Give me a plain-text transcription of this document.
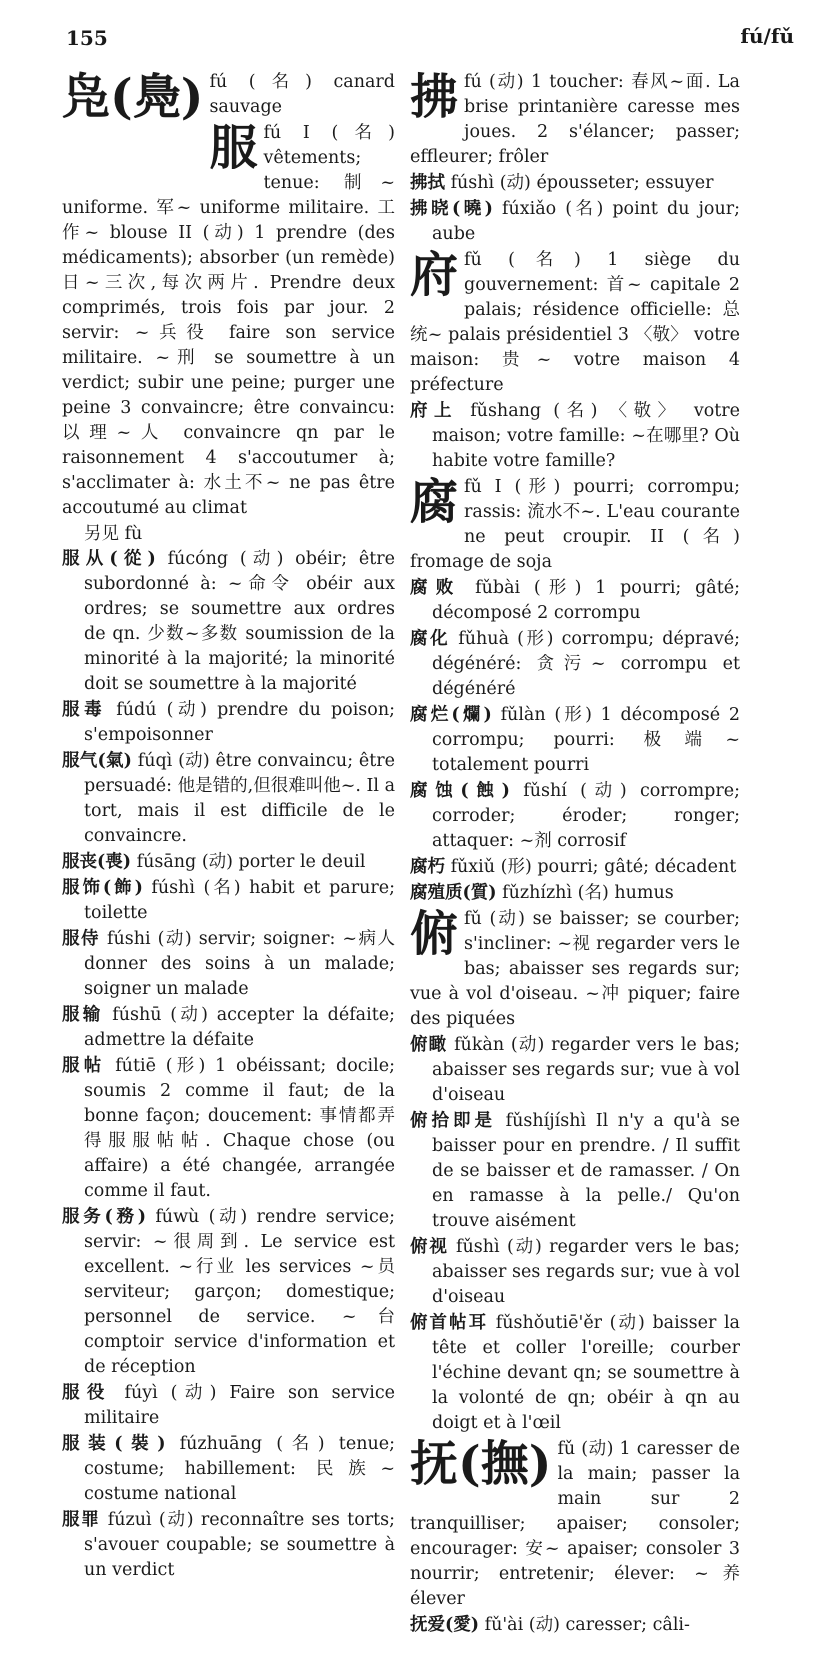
155	fú/fǔ
凫(鳧) fú (名) canard sauvage
服 fú I (名) vêtements; tenue: 制~ uniforme. 军~ uniforme militaire. 工作~ blouse II (动) 1 prendre (des médicaments); absorber (un remède) 日~三次,每次两片. Prendre deux comprimés, trois fois par jour. 2 servir: ~兵役 faire son service militaire. ~刑 se soumettre à un verdict; subir une peine; purger une peine 3 convaincre; être convaincu: 以理~人 convaincre qn par le raisonnement 4 s'accoutumer à; s'acclimater à: 水土不~ ne pas être accoutumé au climat
另见 fù
服从(從) fúcóng (动) obéir; être subordonné à: ~命令 obéir aux ordres; se soumettre aux ordres de qn. 少数~多数 soumission de la minorité à la majorité; la minorité doit se soumettre à la majorité
服毒 fúdú (动) prendre du poison; s'empoisonner
服气(氣) fúqì (动) être convaincu; être persuadé: 他是错的,但很难叫他~. Il a tort, mais il est difficile de le convaincre.
服丧(喪) fúsāng (动) porter le deuil
服饰(飾) fúshì (名) habit et parure; toilette
服侍 fúshi (动) servir; soigner: ~病人 donner des soins à un malade; soigner un malade
服输 fúshū (动) accepter la défaite; admettre la défaite
服帖 fútiē (形) 1 obéissant; docile; soumis 2 comme il faut; de la bonne façon; doucement: 事情都弄得服服帖帖. Chaque chose (ou affaire) a été changée, arrangée comme il faut.
服务(務) fúwù (动) rendre service; servir: ~很周到. Le service est excellent. ~行业 les services ~员 serviteur; garçon; domestique; personnel de service. ~台 comptoir service d'information et de réception
服役 fúyì (动) Faire son service militaire
服装(裝) fúzhuāng (名) tenue; costume; habillement: 民族~ costume national
服罪 fúzuì (动) reconnaître ses torts; s'avouer coupable; se soumettre à un verdict
拂 fú (动) 1 toucher: 春风~面. La brise printanière caresse mes joues. 2 s'élancer; passer; effleurer; frôler
拂拭 fúshì (动) épousseter; essuyer
拂晓(曉) fúxiǎo (名) point du jour; aube
府 fǔ (名) 1 siège du gouvernement: 首~ capitale 2 palais; résidence officielle: 总统~ palais présidentiel 3 〈敬〉 votre maison: 贵~ votre maison 4 préfecture
府上 fǔshang (名) 〈敬〉 votre maison; votre famille: ~在哪里? Où habite votre famille?
腐 fǔ I (形) pourri; corrompu; rassis: 流水不~. L'eau courante ne peut croupir. II (名) fromage de soja
腐败 fǔbài (形) 1 pourri; gâté; décomposé 2 corrompu
腐化 fǔhuà (形) corrompu; dépravé; dégénéré: 贪污~ corrompu et dégénéré
腐烂(爛) fǔlàn (形) 1 décomposé 2 corrompu; pourri: 极端~ totalement pourri
腐蚀(蝕) fǔshí (动) corrompre; corroder; éroder; ronger; attaquer: ~剂 corrosif
腐朽 fǔxiǔ (形) pourri; gâté; décadent
腐殖质(質) fǔzhízhì (名) humus
俯 fǔ (动) se baisser; se courber; s'incliner: ~视 regarder vers le bas; abaisser ses regards sur; vue à vol d'oiseau. ~冲 piquer; faire des piquées
俯瞰 fǔkàn (动) regarder vers le bas; abaisser ses regards sur; vue à vol d'oiseau
俯拾即是 fǔshíjíshì Il n'y a qu'à se baisser pour en prendre. / Il suffit de se baisser et de ramasser. / On en ramasse à la pelle./ Qu'on trouve aisément
俯视 fǔshì (动) regarder vers le bas; abaisser ses regards sur; vue à vol d'oiseau
俯首帖耳 fǔshǒutiē'ěr (动) baisser la tête et coller l'oreille; courber l'échine devant qn; se soumettre à la volonté de qn; obéir à qn au doigt et à l'œil
抚(撫) fǔ (动) 1 caresser de la main; passer la main sur 2 tranquilliser; apaiser; consoler; encourager: 安~ apaiser; consoler 3 nourrir; entretenir; élever: ~养 élever
抚爱(愛) fǔ'ài (动) caresser; câli-
